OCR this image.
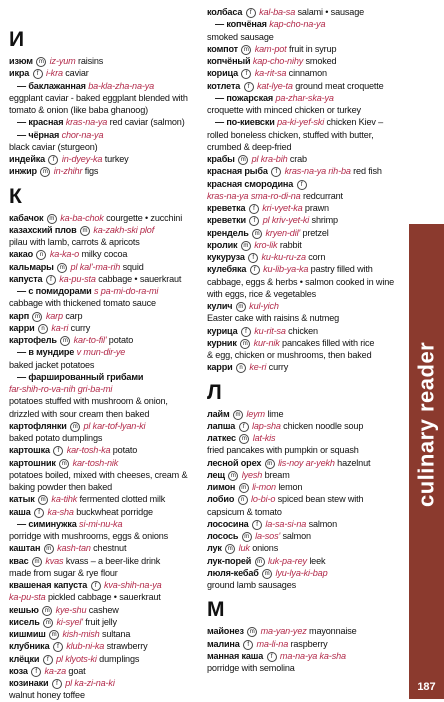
И
изюм m iz-yum raisins
икра f i-kra caviar
— баклажанная ba-kla-zha-na-ya
eggplant caviar - baked eggplant blended with tomato & onion (like baba ghanoog)
— красная kras-na-ya red caviar (salmon)
— чёрная chor-na-ya
black caviar (sturgeon)
индейка f in-dyey-ka turkey
инжир m in-zhihr figs
К
кабачок m ka-ba-chok courgette • zucchini
казахский плов m ka-zakh-ski plof
pilau with lamb, carrots & apricots
какао n ka-ka-o milky cocoa
кальмары m pl kal'-ma-rih squid
капуста f ka-pu-sta cabbage • sauerkraut
— с помидорами s pa-mi-do-ra-mi
cabbage with thickened tomato sauce
карп m karp carp
карри n ka-ri curry
картофель m kar-to-fil' potato
— в мундире v mun-dir-ye
baked jacket potatoes
— фаршированный грибами
far-shih-ro-va-nih gri-ba-mi
potatoes stuffed with mushroom & onion, drizzled with sour cream then baked
картофлянки m pl kar-tof-lyan-ki
baked potato dumplings
картошка f kar-tosh-ka potato
картошник m kar-tosh-nik
potatoes boiled, mixed with cheeses, cream & baking powder then baked
катык m ka-tihk fermented clotted milk
каша f ka-sha buckwheat porridge
— симинужка si-mi-nu-ka
porridge with mushrooms, eggs & onions
каштан m kash-tan chestnut
квас m kvas kvass – a beer-like drink
made from sugar & rye flour
квашеная капуста f kva-shih-na-ya
ka-pu-sta pickled cabbage • sauerkraut
кешью m kye-shu cashew
кисель m ki-syel' fruit jelly
кишмиш m kish-mish sultana
клубника f klub-ni-ka strawberry
клёцки f pl klyots-ki dumplings
коза f ka-za goat
козинаки f pl ka-zi-na-ki
walnut honey toffee
колбаса f kal-ba-sa salami • sausage
— копчёная kap-cho-na-ya
smoked sausage
компот m kam-pot fruit in syrup
копчёный kap-cho-nihy smoked
корица f ka-rit-sa cinnamon
котлета f kat-lye-ta ground meat croquette
— пожарская pa-zhar-ska-ya
croquette with minced chicken or turkey
— по-киевски pa-ki-yef-ski chicken Kiev –
rolled boneless chicken, stuffed with butter, crumbed & deep-fried
крабы m pl kra-bih crab
красная рыба f kras-na-ya rih-ba red fish
красная смородина f
kras-na-ya sma-ro-di-na redcurrant
креветка f kri-vyet-ka prawn
креветки f pl kriv-yet-ki shrimp
крендель m kryen-dil' pretzel
кролик m kro-lik rabbit
кукуруза f ku-ku-ru-za corn
кулебяка f ku-lib-ya-ka pastry filled with
cabbage, eggs & herbs • salmon cooked in wine with eggs, rice & vegetables
кулич m kul-yich
Easter cake with raisins & nutmeg
курица f ku-rit-sa chicken
курник m kur-nik pancakes filled with rice
& egg, chicken or mushrooms, then baked
карри n ke-ri curry
Л
лайм m leym lime
лапша f lap-sha chicken noodle soup
латкес m lat-kis
fried pancakes with pumpkin or squash
лесной орех m lis-noy ar-yekh hazelnut
лещ m lyesh bream
лимон m li-mon lemon
лобио n lo-bi-o spiced bean stew with
capsicum & tomato
лососина f la-sa-si-na salmon
лосось m la-sos' salmon
лук m luk onions
лук-порей m luk-pa-rey leek
люля-кебаб m lyu-lya-ki-bap
ground lamb sausages
М
майонез m ma-yan-yez mayonnaise
малина f ma-li-na raspberry
манная каша f ma-na-ya ka-sha
porridge with semolina
culinary reader
187
